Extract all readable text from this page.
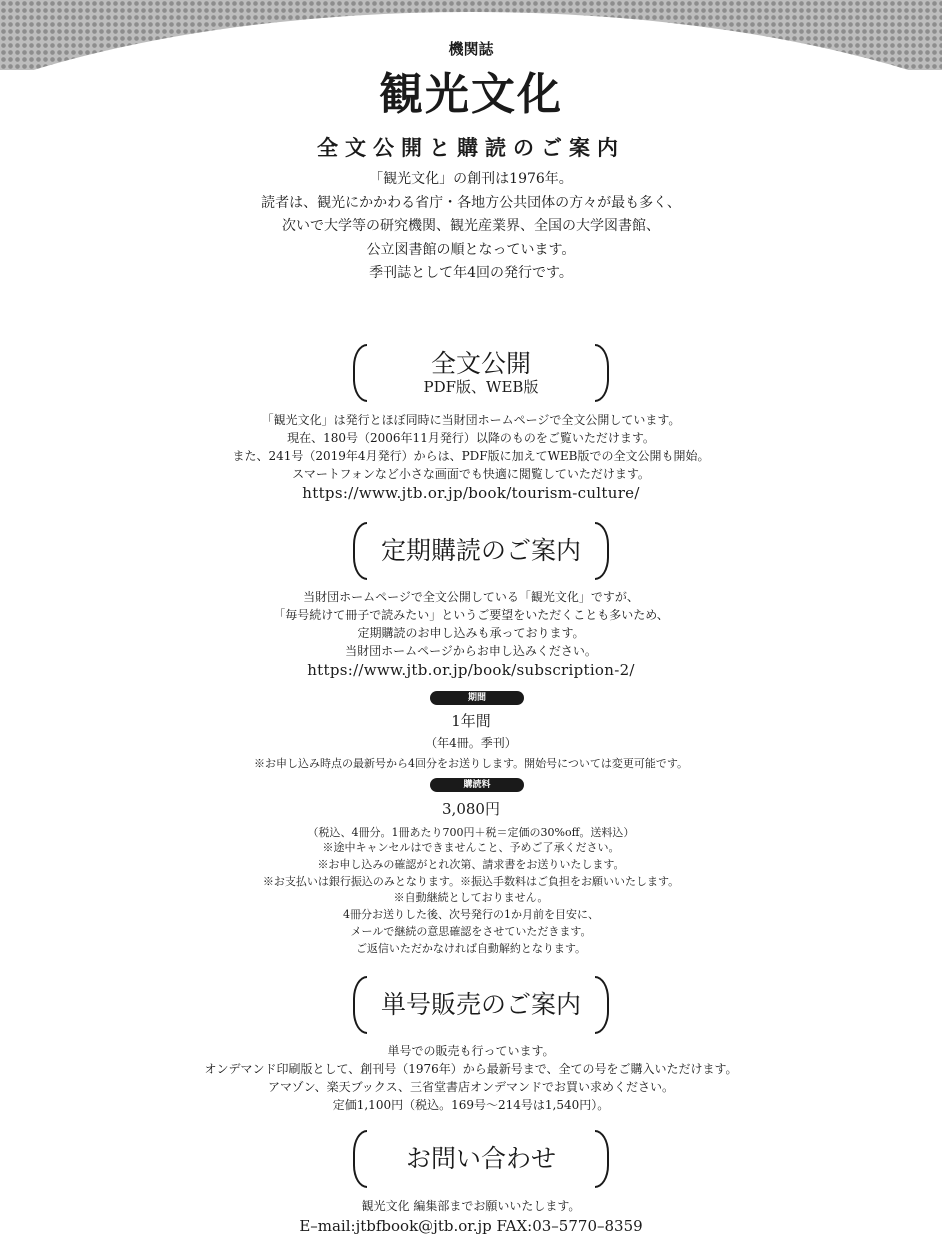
機関誌
観光文化
全文公開と購読のご案内
「観光文化」の創刊は1976年。
読者は、観光にかかわる省庁・各地方公共団体の方々が最も多く、
次いで大学等の研究機関、観光産業界、全国の大学図書館、
公立図書館の順となっています。
季刊誌として年4回の発行です。
全文公開
PDF版、WEB版
「観光文化」は発行とほぼ同時に当財団ホームページで全文公開しています。
現在、180号（2006年11月発行）以降のものをご覧いただけます。
また、241号（2019年4月発行）からは、PDF版に加えてWEB版での全文公開も開始。
スマートフォンなど小さな画面でも快適に閲覧していただけます。
https://www.jtb.or.jp/book/tourism-culture/
定期購読のご案内
当財団ホームページで全文公開している「観光文化」ですが、
「毎号続けて冊子で読みたい」というご要望をいただくことも多いため、
定期購読のお申し込みも承っております。
当財団ホームページからお申し込みください。
https://www.jtb.or.jp/book/subscription-2/
期間
1年間
（年4冊。季刊）
※お申し込み時点の最新号から4回分をお送りします。開始号については変更可能です。
購読料
3,080円
（税込、4冊分。1冊あたり700円＋税＝定価の30%off。送料込）
※途中キャンセルはできませんこと、予めご了承ください。
※お申し込みの確認がとれ次第、請求書をお送りいたします。
※お支払いは銀行振込のみとなります。※振込手数料はご負担をお願いいたします。
※自動継続としておりません。
4冊分お送りした後、次号発行の1か月前を目安に、
メールで継続の意思確認をさせていただきます。
ご返信いただかなければ自動解約となります。
単号販売のご案内
単号での販売も行っています。
オンデマンド印刷版として、創刊号（1976年）から最新号まで、全ての号をご購入いただけます。
アマゾン、楽天ブックス、三省堂書店オンデマンドでお買い求めください。
定価1,100円（税込。169号〜214号は1,540円）。
お問い合わせ
観光文化 編集部までお願いいたします。
E–mail:jtbfbook@jtb.or.jp FAX:03–5770–8359
